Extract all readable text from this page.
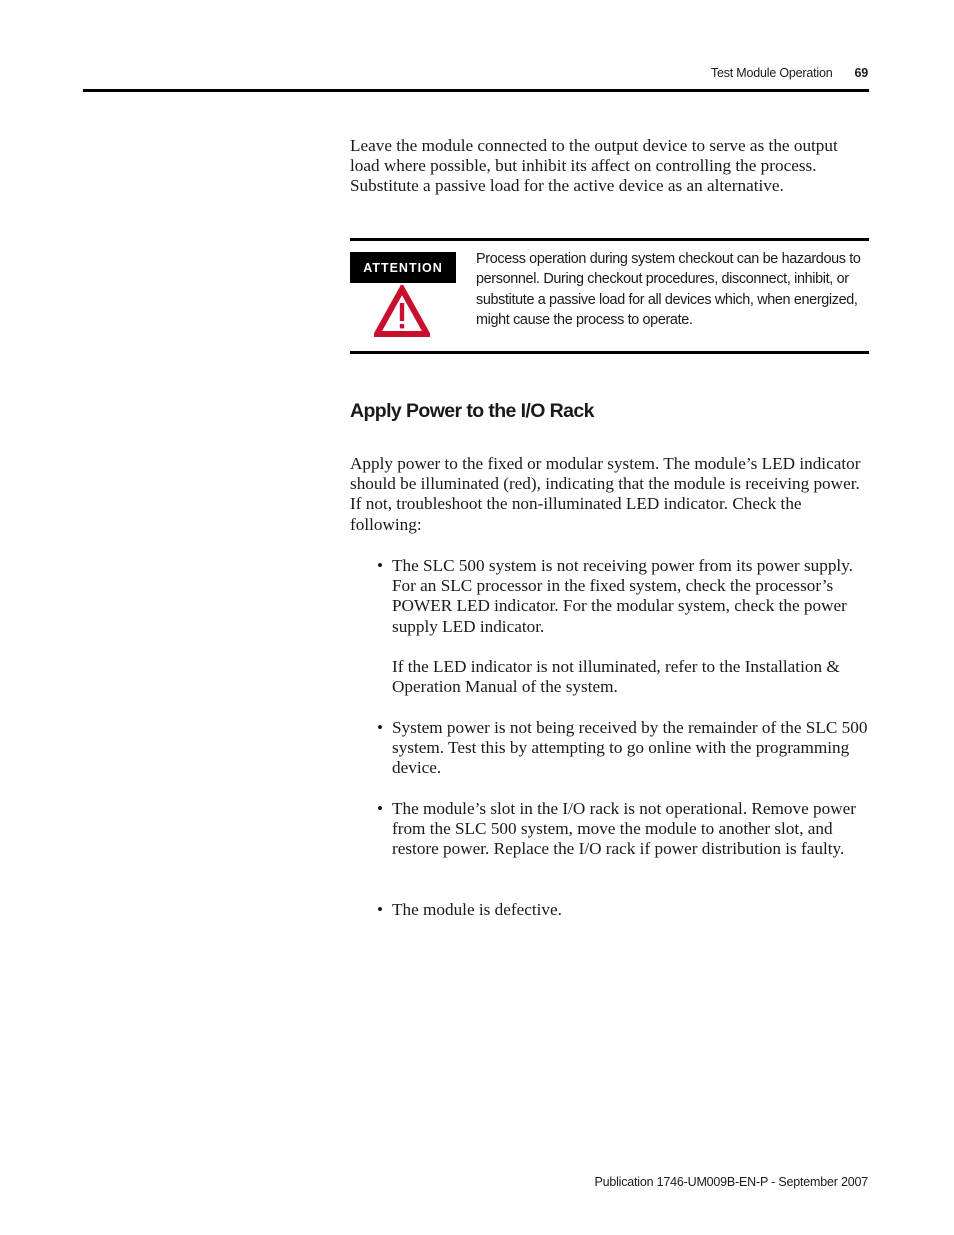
Test Module Operation 69
Leave the module connected to the output device to serve as the output load where possible, but inhibit its affect on controlling the process. Substitute a passive load for the active device as an alternative.
ATTENTION
Process operation during system checkout can be hazardous to personnel. During checkout procedures, disconnect, inhibit, or substitute a passive load for all devices which, when energized, might cause the process to operate.
Apply Power to the I/O Rack
Apply power to the fixed or modular system. The module’s LED indicator should be illuminated (red), indicating that the module is receiving power. If not, troubleshoot the non-illuminated LED indicator. Check the following:
• The SLC 500 system is not receiving power from its power supply. For an SLC processor in the fixed system, check the processor’s POWER LED indicator. For the modular system, check the power supply LED indicator.
If the LED indicator is not illuminated, refer to the Installation & Operation Manual of the system.
• System power is not being received by the remainder of the SLC 500 system. Test this by attempting to go online with the programming device.
• The module’s slot in the I/O rack is not operational. Remove power from the SLC 500 system, move the module to another slot, and restore power. Replace the I/O rack if power distribution is faulty.
• The module is defective.
Publication 1746-UM009B-EN-P - September 2007
